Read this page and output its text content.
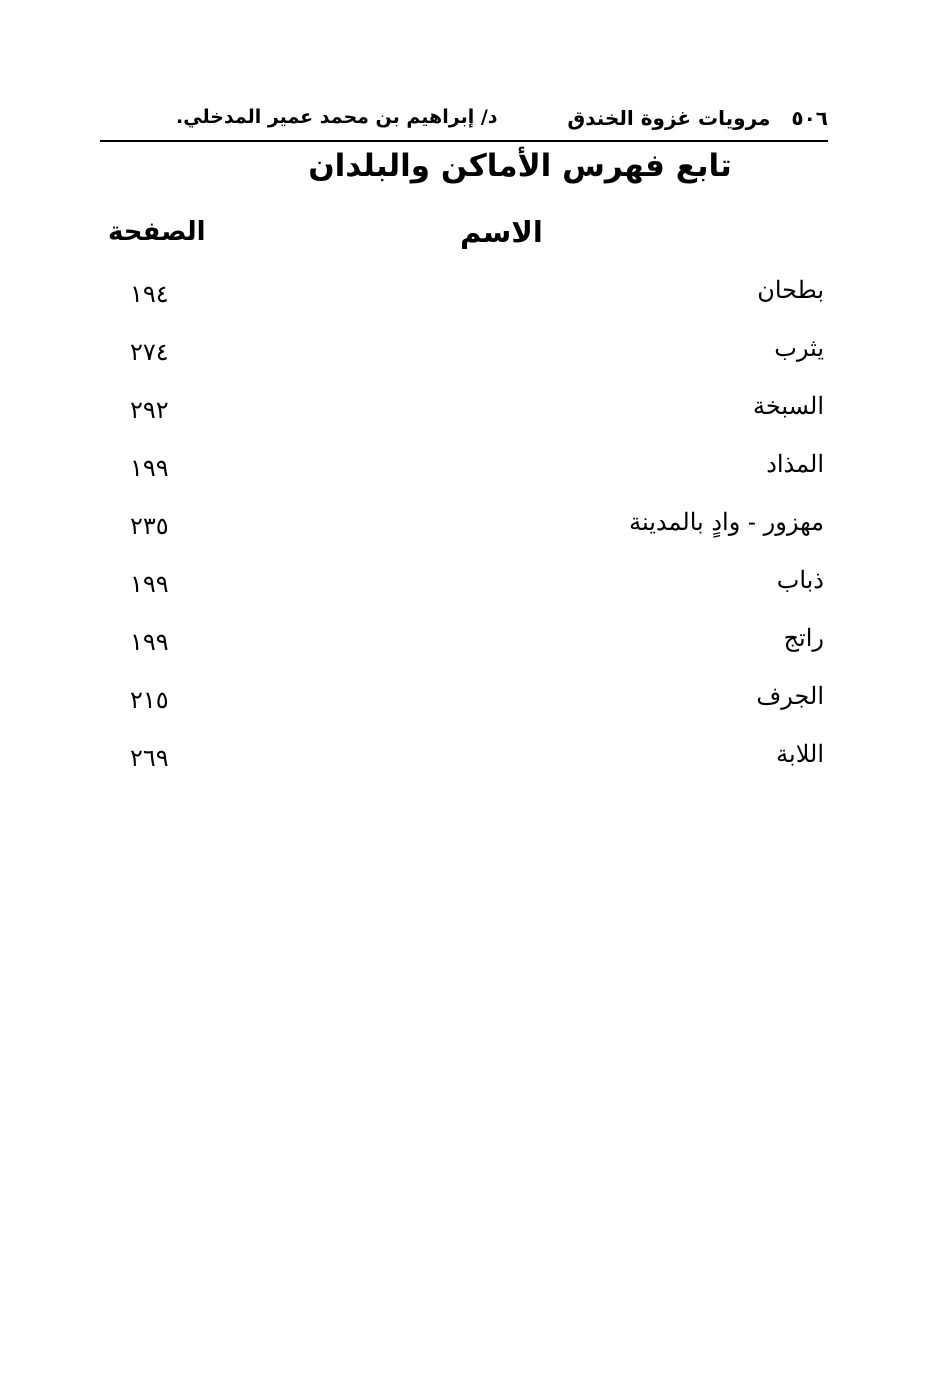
٥٠٦ مرويات غزوة الخندق
د/ إبراهيم بن محمد عمير المدخلي.
تابع فهرس الأماكن والبلدان
الاسم
الصفحة
بطحان
١٩٤
يثرب
٢٧٤
السبخة
٢٩٢
المذاد
١٩٩
مهزور - وادٍ بالمدينة
٢٣٥
ذباب
١٩٩
راتج
١٩٩
الجرف
٢١٥
اللابة
٢٦٩
